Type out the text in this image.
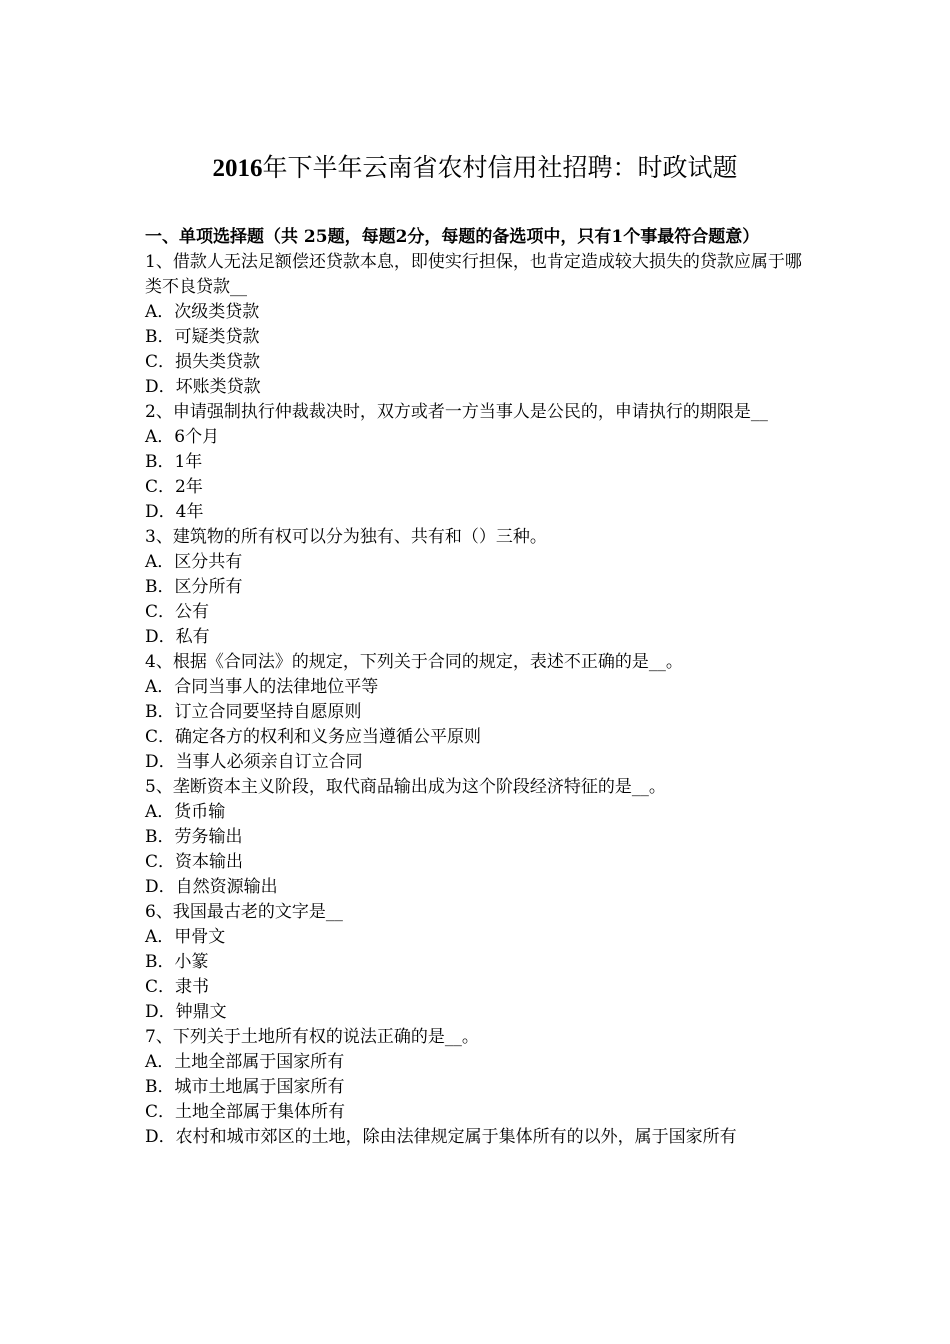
2016年下半年云南省农村信用社招聘：时政试题

一、单项选择题（共 25题，每题2分，每题的备选项中，只有1个事最符合题意）

1、借款人无法足额偿还贷款本息，即使实行担保，也肯定造成较大损失的贷款应属于哪类不良贷款__

A．次级类贷款

B．可疑类贷款

C．损失类贷款

D．坏账类贷款

2、申请强制执行仲裁裁决时，双方或者一方当事人是公民的，申请执行的期限是__

A．6个月

B．1年

C．2年

D．4年

3、建筑物的所有权可以分为独有、共有和（）三种。

A．区分共有

B．区分所有

C．公有

D．私有

4、根据《合同法》的规定，下列关于合同的规定，表述不正确的是__。

A．合同当事人的法律地位平等

B．订立合同要坚持自愿原则

C．确定各方的权利和义务应当遵循公平原则

D．当事人必须亲自订立合同

5、垄断资本主义阶段，取代商品输出成为这个阶段经济特征的是__。

A．货币输

B．劳务输出

C．资本输出

D．自然资源输出

6、我国最古老的文字是__

A．甲骨文

B．小篆

C．隶书

D．钟鼎文

7、下列关于土地所有权的说法正确的是__。

A．土地全部属于国家所有

B．城市土地属于国家所有

C．土地全部属于集体所有

D．农村和城市郊区的土地，除由法律规定属于集体所有的以外，属于国家所有
